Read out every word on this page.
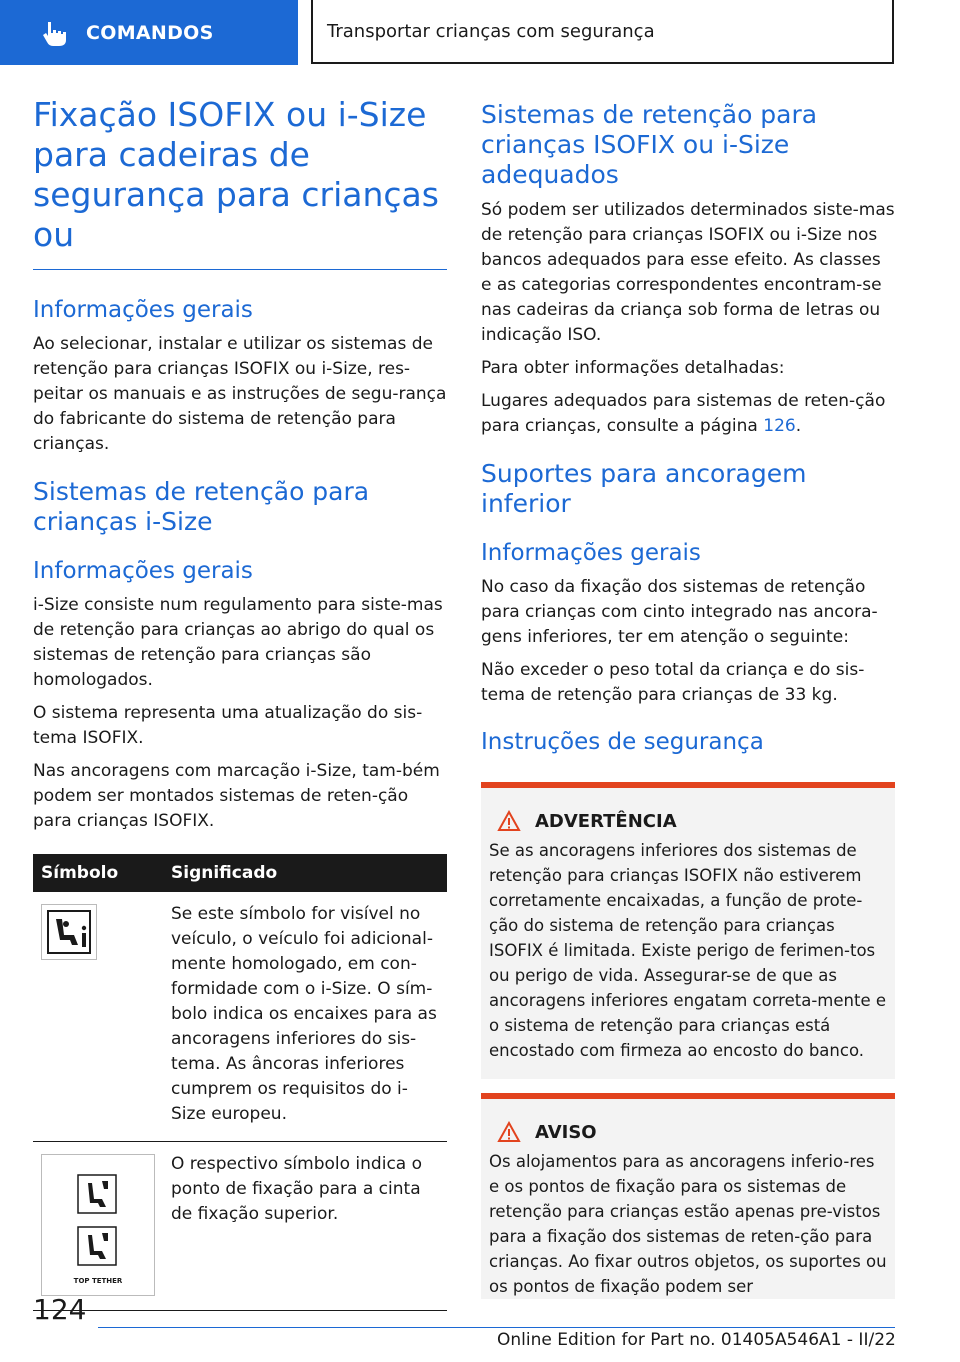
COMANDOS	Transportar crianças com segurança
Fixação ISOFIX ou i-Size para cadeiras de segurança para crianças ou
Informações gerais

Ao selecionar, instalar e utilizar os sistemas de retenção para crianças ISOFIX ou i-Size, res-peitar os manuais e as instruções de segu-rança do fabricante do sistema de retenção para crianças.

Sistemas de retenção para crianças i-Size
Informações gerais

i-Size consiste num regulamento para siste-mas de retenção para crianças ao abrigo do qual os sistemas de retenção para crianças são homologados.

O sistema representa uma atualização do sis-tema ISOFIX.

Nas ancoragens com marcação i-Size, tam-bém podem ser montados sistemas de reten-ção para crianças ISOFIX.

Símbolo	Significado

	Se este símbolo for visível no veículo, o veículo foi adicional-mente homologado, em con-formidade com o i-Size. O sím-bolo indica os encaixes para as ancoragens inferiores do sis-tema. As âncoras inferiores cumprem os requisitos do i-Size europeu.

TOP TETHER	O respectivo símbolo indica o ponto de fixação para a cinta de fixação superior.
Sistemas de retenção para crianças ISOFIX ou i-Size adequados

Só podem ser utilizados determinados siste-mas de retenção para crianças ISOFIX ou i-Size nos bancos adequados para esse efeito. As classes e as categorias correspondentes encontram-se nas cadeiras da criança sob forma de letras ou indicação ISO.

Para obter informações detalhadas:

Lugares adequados para sistemas de reten-ção para crianças, consulte a página 126.

Suportes para ancoragem inferior
Informações gerais

No caso da fixação dos sistemas de retenção para crianças com cinto integrado nas ancora-gens inferiores, ter em atenção o seguinte:

Não exceder o peso total da criança e do sis-tema de retenção para crianças de 33 kg.

Instruções de segurança
ADVERTÊNCIA

Se as ancoragens inferiores dos sistemas de retenção para crianças ISOFIX não estiverem corretamente encaixadas, a função de prote-ção do sistema de retenção para crianças ISOFIX é limitada. Existe perigo de ferimen-tos ou perigo de vida. Assegurar-se de que as ancoragens inferiores engatam correta-mente e o sistema de retenção para crianças está encostado com firmeza ao encosto do banco.

AVISO

Os alojamentos para as ancoragens inferio-res e os pontos de fixação para os sistemas de retenção para crianças estão apenas pre-vistos para a fixação dos sistemas de reten-ção para crianças. Ao fixar outros objetos, os suportes ou os pontos de fixação podem ser

124
Online Edition for Part no. 01405A546A1 - II/22
